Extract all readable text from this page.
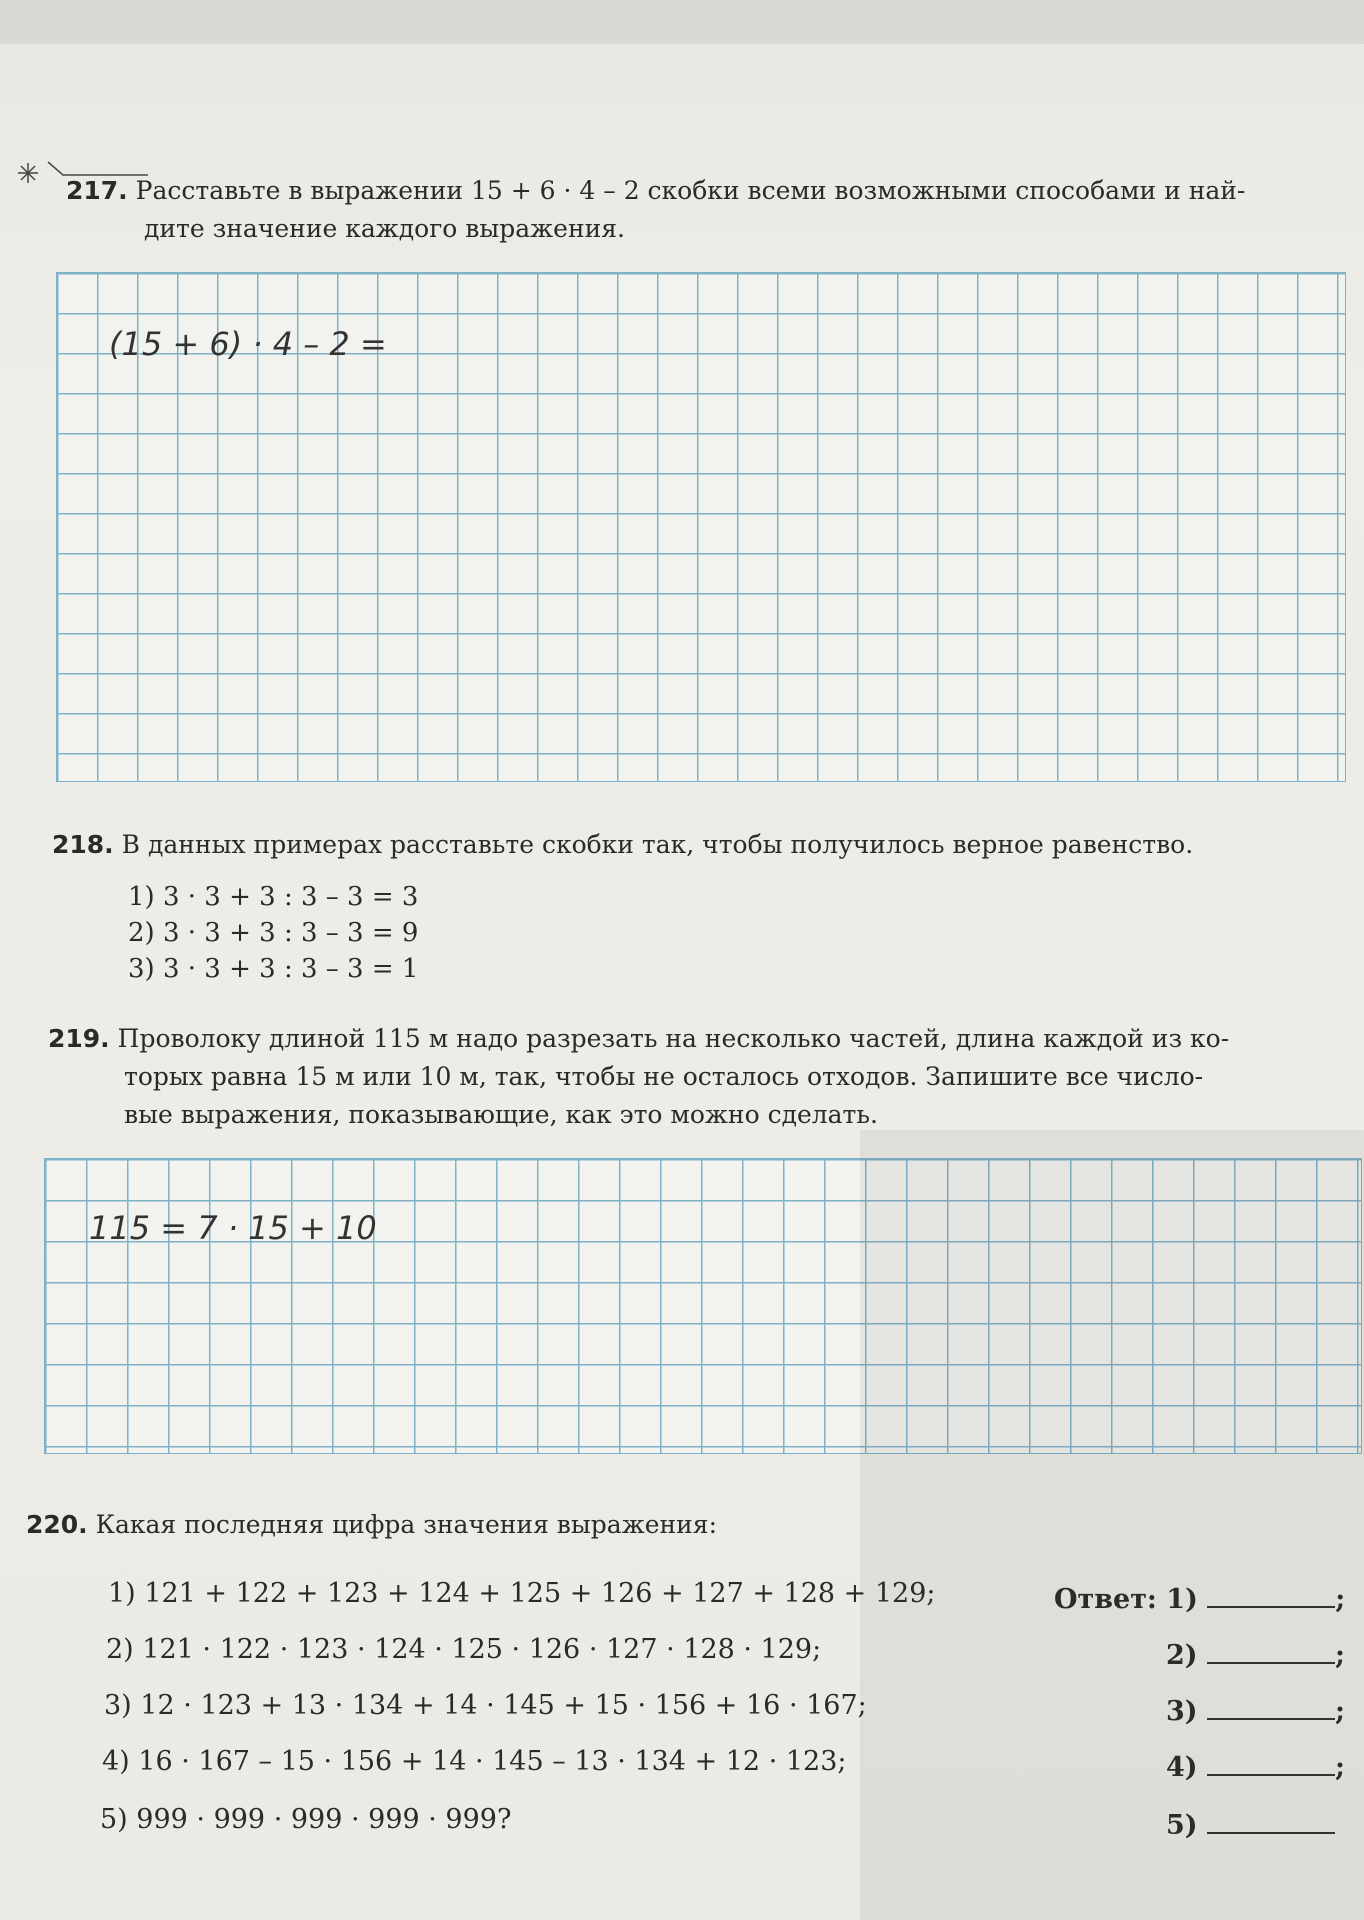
217. Расставьте в выражении 15 + 6 · 4 – 2 скобки всеми возможными способами и най-
дите значение каждого выражения.
(15 + 6) · 4 – 2 =
218. В данных примерах расставьте скобки так, чтобы получилось верное равенство.
1) 3 · 3 + 3 : 3 – 3 = 3
2) 3 · 3 + 3 : 3 – 3 = 9
3) 3 · 3 + 3 : 3 – 3 = 1
219. Проволоку длиной 115 м надо разрезать на несколько частей, длина каждой из ко-
торых равна 15 м или 10 м, так, чтобы не осталось отходов. Запишите все число-
вые выражения, показывающие, как это можно сделать.
115 = 7 · 15 + 10
220. Какая последняя цифра значения выражения:
1) 121 + 122 + 123 + 124 + 125 + 126 + 127 + 128 + 129;
2) 121 · 122 · 123 · 124 · 125 · 126 · 127 · 128 · 129;
3) 12 · 123 + 13 · 134 + 14 · 145 + 15 · 156 + 16 · 167;
4) 16 · 167 – 15 · 156 + 14 · 145 – 13 · 134 + 12 · 123;
5) 999 · 999 · 999 · 999 · 999?
Ответ: 1)	;
2)	;
3)	;
4)	;
5)
